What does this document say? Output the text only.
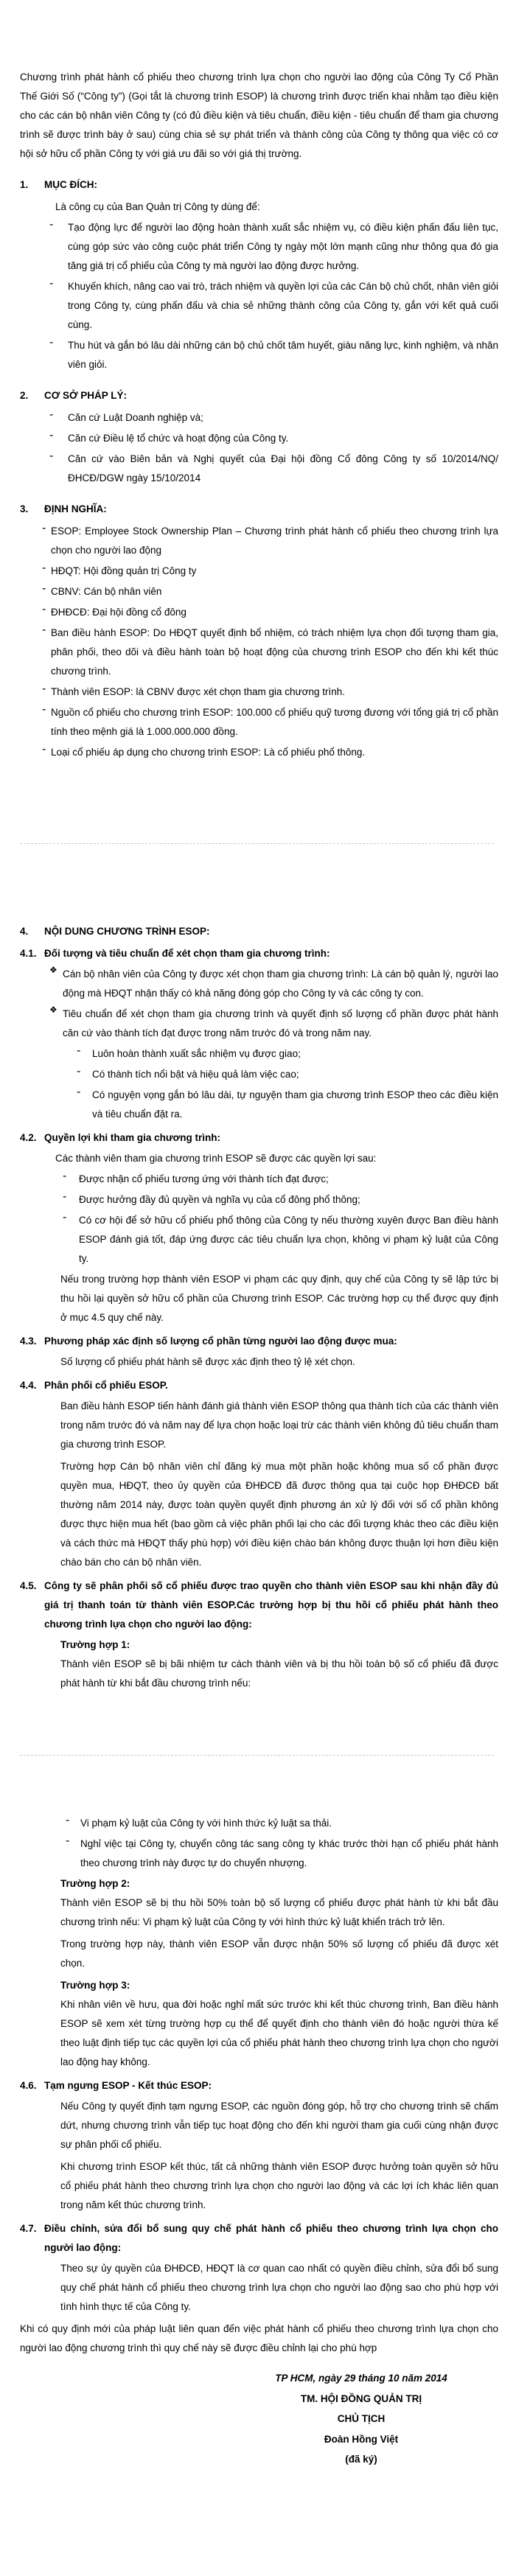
Chương trình phát hành cổ phiếu theo chương trình lựa chọn cho người lao động của Công Ty Cổ Phần Thế Giới Số (“Công ty”) (Gọi tắt là chương trình ESOP) là chương trình được triển khai nhằm tạo điều kiện cho các cán bộ nhân viên Công ty (có đủ điều kiện và tiêu chuẩn, điều kiện - tiêu chuẩn để tham gia chương trình sẽ được trình bày ở sau) cùng chia sẻ sự phát triển và thành công của Công ty thông qua việc có cơ hội sở hữu cổ phần Công ty với giá ưu đãi so với giá thị trường.

1.	MỤC ĐÍCH:

Là công cụ của Ban Quản trị Công ty dùng để:

-	Tạo động lực để người lao động hoàn thành xuất sắc nhiệm vụ, có điều kiện phấn đấu liên tục, cùng góp sức vào công cuộc phát triển Công ty ngày một lớn mạnh cũng như thông qua đó gia tăng giá trị cổ phiếu của Công ty mà người lao động được hưởng.

-	Khuyến khích, nâng cao vai trò, trách nhiệm và quyền lợi của các Cán bộ chủ chốt, nhân viên giỏi trong Công ty, cùng phấn đấu và chia sẻ những thành công của Công ty, gắn với kết quả cuối cùng.

-	Thu hút và gắn bó lâu dài những cán bộ chủ chốt tâm huyết, giàu năng lực, kinh nghiệm, và nhân viên giỏi.

2.	CƠ SỞ PHÁP LÝ:
-	Căn cứ Luật Doanh nghiệp và;

-	Căn cứ Điều lệ tổ chức và hoạt động của Công ty.

-	Căn cứ vào Biên bản và Nghị quyết của Đại hội đồng Cổ đông Công ty số 10/2014/NQ/ĐHCĐ/DGW ngày 15/10/2014

3.	ĐỊNH NGHĨA:
- ESOP: Employee Stock Ownership Plan – Chương trình phát hành cổ phiếu theo chương trình lựa chọn cho người lao động

- HĐQT: Hội đồng quản trị Công ty

- CBNV: Cán bộ nhân viên

- ĐHĐCĐ: Đại hội đồng cổ đông

- Ban điều hành ESOP: Do HĐQT quyết định bổ nhiệm, có trách nhiệm lựa chọn đối tượng tham gia, phân phối, theo dõi và điều hành toàn bộ hoạt động của chương trình ESOP cho đến khi kết thúc chương trình.

- Thành viên ESOP: là CBNV được xét chọn tham gia chương trình.

- Nguồn cổ phiếu cho chương trình ESOP: 100.000 cổ phiếu quỹ tương đương với tổng giá trị cổ phần tính theo mệnh giá là 1.000.000.000 đồng.

- Loại cổ phiếu áp dụng cho chương trình ESOP: Là cổ phiếu phổ thông.

4.	NỘI DUNG CHƯƠNG TRÌNH ESOP:
4.1. Đối tượng và tiêu chuẩn để xét chọn tham gia chương trình:
❖ Cán bộ nhân viên của Công ty được xét chọn tham gia chương trình: Là cán bộ quản lý, người lao động mà HĐQT nhận thấy có khả năng đóng góp cho Công ty và các công ty con.

❖ Tiêu chuẩn để xét chọn tham gia chương trình và quyết định số lượng cổ phần được phát hành căn cứ vào thành tích đạt được trong năm trước đó và trong năm nay.

-	Luôn hoàn thành xuất sắc nhiệm vụ được giao;

-	Có thành tích nổi bật và hiệu quả làm việc cao;

-	Có nguyện vọng gắn bó lâu dài, tự nguyện tham gia chương trình ESOP theo các điều kiện và tiêu chuẩn đặt ra.

4.2. Quyền lợi khi tham gia chương trình:

Các thành viên tham gia chương trình ESOP sẽ được các quyền lợi sau:

-	Được nhận cổ phiếu tương ứng với thành tích đạt được;

-	Được hưởng đầy đủ quyền và nghĩa vụ của cổ đông phổ thông;

-	Có cơ hội để sở hữu cổ phiếu phổ thông của Công ty nếu thường xuyên được Ban điều hành ESOP đánh giá tốt, đáp ứng được các tiêu chuẩn lựa chọn, không vi phạm kỷ luật của Công ty.

Nếu trong trường hợp thành viên ESOP vi phạm các quy định, quy chế của Công ty sẽ lập tức bị thu hồi lại quyền sở hữu cổ phần của Chương trình ESOP. Các trường hợp cụ thể được quy định ở mục 4.5 quy chế này.

4.3. Phương pháp xác định số lượng cổ phần từng người lao động được mua:

Số lượng cổ phiếu phát hành sẽ được xác định theo tỷ lệ xét chọn.

4.4. Phân phối cổ phiếu ESOP.

Ban điều hành ESOP tiến hành đánh giá thành viên ESOP thông qua thành tích của các thành viên trong năm trước đó và năm nay để lựa chọn hoặc loại trừ các thành viên không đủ tiêu chuẩn tham gia chương trình ESOP.

Trường hợp Cán bộ nhân viên chỉ đăng ký mua một phần hoặc không mua số cổ phần được quyền mua, HĐQT, theo ủy quyền của ĐHĐCĐ đã được thông qua tại cuộc họp ĐHĐCĐ bất thường năm 2014 này, được toàn quyền quyết định phương án xử lý đối với số cổ phần không được thực hiện mua hết (bao gồm cả việc phân phối lại cho các đối tượng khác theo các điều kiện và cách thức mà HĐQT thấy phù hợp) với điều kiện chào bán không được thuận lợi hơn điều kiện chào bán cho cán bộ nhân viên.

4.5. Công ty sẽ phân phối số cổ phiếu được trao quyền cho thành viên ESOP sau khi nhận đầy đủ giá trị thanh toán từ thành viên ESOP.Các trường hợp bị thu hồi cổ phiếu phát hành theo chương trình lựa chọn cho người lao động:
Trường hợp 1:

Thành viên ESOP sẽ bị bãi nhiệm tư cách thành viên và bị thu hồi toàn bộ số cổ phiếu đã được phát hành từ khi bắt đầu chương trình nếu:

-	Vi phạm kỷ luật của Công ty với hình thức kỷ luật sa thải.

-	Nghỉ việc tại Công ty, chuyển công tác sang công ty khác trước thời hạn cổ phiếu phát hành theo chương trình này được tự do chuyển nhượng.

Trường hợp 2:

Thành viên ESOP sẽ bị thu hồi 50% toàn bộ số lượng cổ phiếu được phát hành từ khi bắt đầu chương trình nếu: Vi phạm kỷ luật của Công ty với hình thức kỷ luật khiển trách trở lên.

Trong trường hợp này, thành viên ESOP vẫn được nhận 50% số lượng cổ phiếu đã được xét chọn.

Trường hợp 3:

Khi nhân viên về hưu, qua đời hoặc nghỉ mất sức trước khi kết thúc chương trình, Ban điều hành ESOP sẽ xem xét từng trường hợp cụ thể để quyết định cho thành viên đó hoặc người thừa kế theo luật định tiếp tục các quyền lợi của cổ phiếu phát hành theo chương trình lựa chọn cho người lao động hay không.

4.6. Tạm ngưng ESOP - Kết thúc ESOP:

Nếu Công ty quyết định tạm ngưng ESOP, các nguồn đóng góp, hỗ trợ cho chương trình sẽ chấm dứt, nhưng chương trình vẫn tiếp tục hoạt động cho đến khi người tham gia cuối cùng nhận được sự phân phối cổ phiếu.

Khi chương trình ESOP kết thúc, tất cả những thành viên ESOP được hưởng toàn quyền sở hữu cổ phiếu phát hành theo chương trình lựa chọn cho người lao động và các lợi ích khác liên quan trong năm kết thúc chương trình.

4.7. Điều chỉnh, sửa đổi bổ sung quy chế phát hành cổ phiếu theo chương trình lựa chọn cho người lao động:

Theo sự ủy quyền của ĐHĐCĐ, HĐQT là cơ quan cao nhất có quyền điều chỉnh, sửa đổi bổ sung quy chế phát hành cổ phiếu theo chương trình lựa chọn cho người lao động sao cho phù hợp với tình hình thực tế của Công ty.

Khi có quy định mới của pháp luật liên quan đến việc phát hành cổ phiếu theo chương trình lựa chọn cho người lao động chương trình thì quy chế này sẽ được điều chỉnh lại cho phù hợp

TP HCM, ngày 29 tháng 10 năm 2014
TM. HỘI ĐỒNG QUẢN TRỊ
CHỦ TỊCH
Đoàn Hồng Việt
(đã ký)
